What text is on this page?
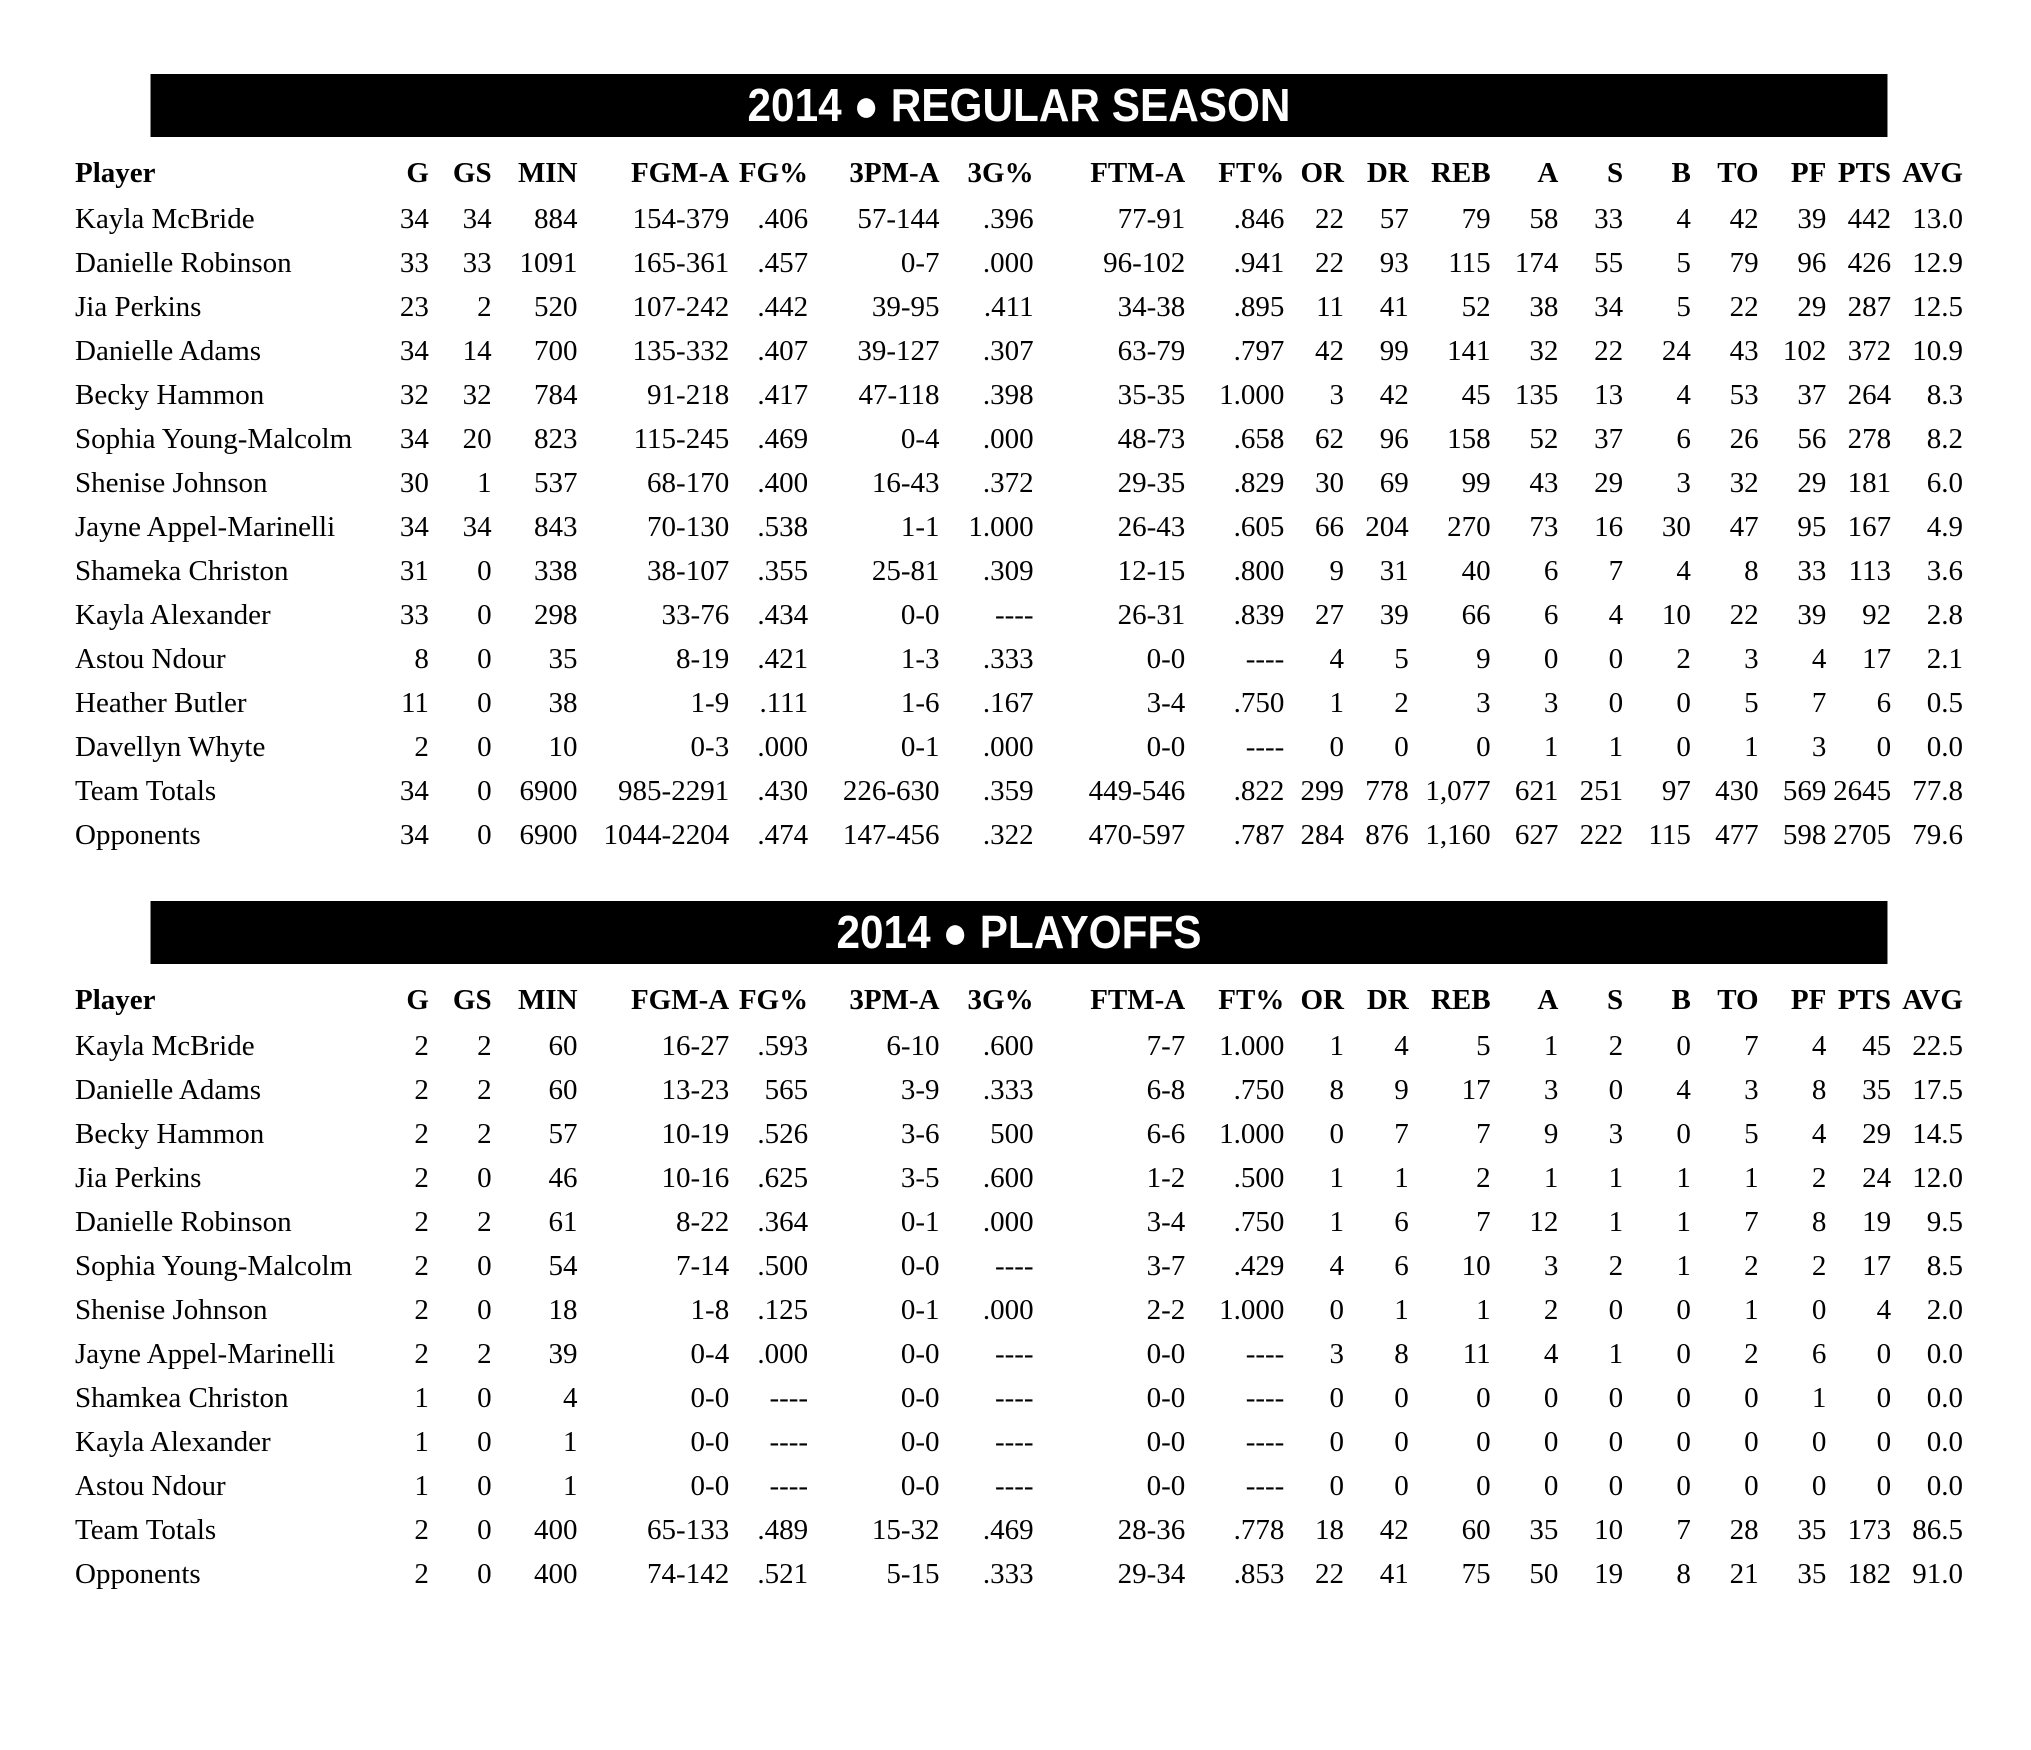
2014 ● REGULAR SEASON
Player	G	GS	MIN	FGM-A	FG%	3PM-A	3G%	FTM-A	FT%	OR	DR	REB	A	S	B	TO	PF	PTS	AVG
Kayla McBride	34	34	884	154-379	.406	57-144	.396	77-91	.846	22	57	79	58	33	4	42	39	442	13.0
Danielle Robinson	33	33	1091	165-361	.457	0-7	.000	96-102	.941	22	93	115	174	55	5	79	96	426	12.9
Jia Perkins	23	2	520	107-242	.442	39-95	.411	34-38	.895	11	41	52	38	34	5	22	29	287	12.5
Danielle Adams	34	14	700	135-332	.407	39-127	.307	63-79	.797	42	99	141	32	22	24	43	102	372	10.9
Becky Hammon	32	32	784	91-218	.417	47-118	.398	35-35	1.000	3	42	45	135	13	4	53	37	264	8.3
Sophia Young-Malcolm	34	20	823	115-245	.469	0-4	.000	48-73	.658	62	96	158	52	37	6	26	56	278	8.2
Shenise Johnson	30	1	537	68-170	.400	16-43	.372	29-35	.829	30	69	99	43	29	3	32	29	181	6.0
Jayne Appel-Marinelli	34	34	843	70-130	.538	1-1	1.000	26-43	.605	66	204	270	73	16	30	47	95	167	4.9
Shameka Christon	31	0	338	38-107	.355	25-81	.309	12-15	.800	9	31	40	6	7	4	8	33	113	3.6
Kayla Alexander	33	0	298	33-76	.434	0-0	----	26-31	.839	27	39	66	6	4	10	22	39	92	2.8
Astou Ndour	8	0	35	8-19	.421	1-3	.333	0-0	----	4	5	9	0	0	2	3	4	17	2.1
Heather Butler	11	0	38	1-9	.111	1-6	.167	3-4	.750	1	2	3	3	0	0	5	7	6	0.5
Davellyn Whyte	2	0	10	0-3	.000	0-1	.000	0-0	----	0	0	0	1	1	0	1	3	0	0.0
Team Totals	34	0	6900	985-2291	.430	226-630	.359	449-546	.822	299	778	1,077	621	251	97	430	569	2645	77.8
Opponents	34	0	6900	1044-2204	.474	147-456	.322	470-597	.787	284	876	1,160	627	222	115	477	598	2705	79.6
2014 ● PLAYOFFS
Player	G	GS	MIN	FGM-A	FG%	3PM-A	3G%	FTM-A	FT%	OR	DR	REB	A	S	B	TO	PF	PTS	AVG
Kayla McBride	2	2	60	16-27	.593	6-10	.600	7-7	1.000	1	4	5	1	2	0	7	4	45	22.5
Danielle Adams	2	2	60	13-23	565	3-9	.333	6-8	.750	8	9	17	3	0	4	3	8	35	17.5
Becky Hammon	2	2	57	10-19	.526	3-6	500	6-6	1.000	0	7	7	9	3	0	5	4	29	14.5
Jia Perkins	2	0	46	10-16	.625	3-5	.600	1-2	.500	1	1	2	1	1	1	1	2	24	12.0
Danielle Robinson	2	2	61	8-22	.364	0-1	.000	3-4	.750	1	6	7	12	1	1	7	8	19	9.5
Sophia Young-Malcolm	2	0	54	7-14	.500	0-0	----	3-7	.429	4	6	10	3	2	1	2	2	17	8.5
Shenise Johnson	2	0	18	1-8	.125	0-1	.000	2-2	1.000	0	1	1	2	0	0	1	0	4	2.0
Jayne Appel-Marinelli	2	2	39	0-4	.000	0-0	----	0-0	----	3	8	11	4	1	0	2	6	0	0.0
Shamkea Christon	1	0	4	0-0	----	0-0	----	0-0	----	0	0	0	0	0	0	0	1	0	0.0
Kayla Alexander	1	0	1	0-0	----	0-0	----	0-0	----	0	0	0	0	0	0	0	0	0	0.0
Astou Ndour	1	0	1	0-0	----	0-0	----	0-0	----	0	0	0	0	0	0	0	0	0	0.0
Team Totals	2	0	400	65-133	.489	15-32	.469	28-36	.778	18	42	60	35	10	7	28	35	173	86.5
Opponents	2	0	400	74-142	.521	5-15	.333	29-34	.853	22	41	75	50	19	8	21	35	182	91.0
